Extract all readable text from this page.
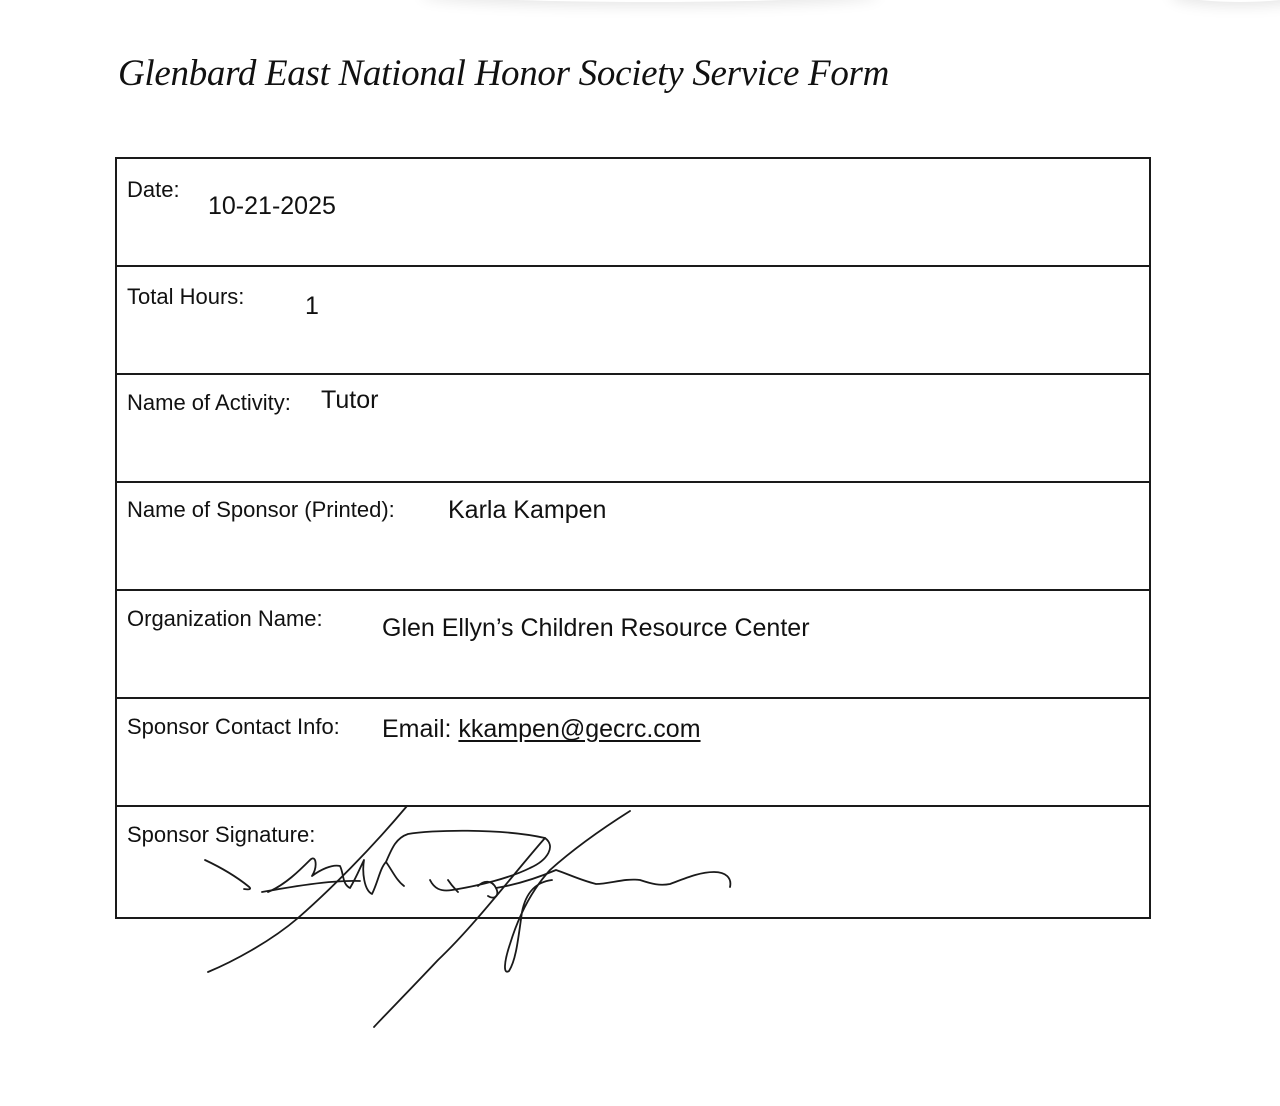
Glenbard East National Honor Society Service Form
Date:
10-21-2025
Total Hours: 1
Name of Activity: Tutor
Name of Sponsor (Printed): Karla Kampen
Organization Name: Glen Ellyn’s Children Resource Center
Sponsor Contact Info: Email: kkampen@gecrc.com
Sponsor Signature:
